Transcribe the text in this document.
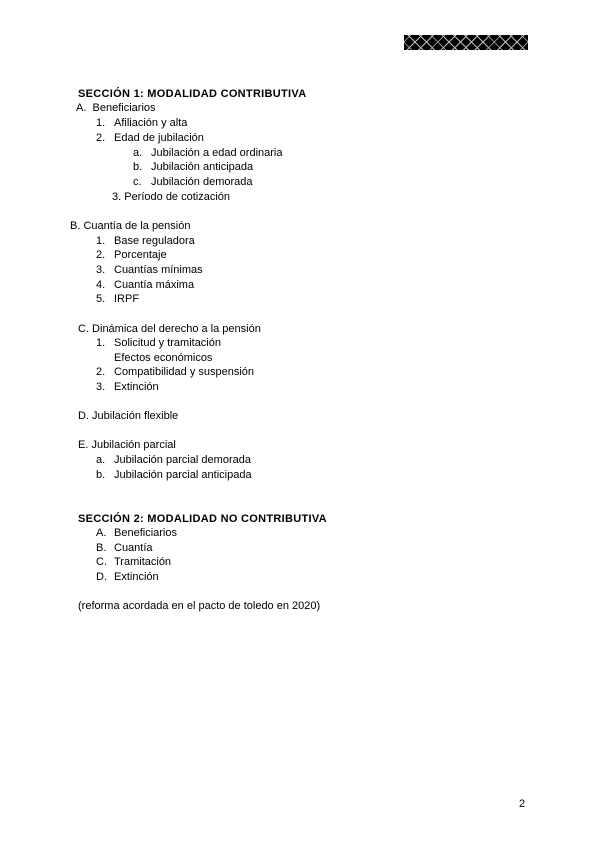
SECCIÓN 1: MODALIDAD CONTRIBUTIVA
A. Beneficiarios
1. Afiliación y alta
2. Edad de jubilación
a. Jubilación a edad ordinaria
b. Jubilación anticipada
c. Jubilación demorada
3. Período de cotización
B. Cuantía de la pensión
1. Base reguladora
2. Porcentaje
3. Cuantías mínimas
4. Cuantía máxima
5. IRPF
C. Dinámica del derecho a la pensión
1. Solicitud y tramitación
Efectos económicos
2. Compatibilidad y suspensión
3. Extinción
D. Jubilación flexible
E. Jubilación parcial
a. Jubilación parcial demorada
b. Jubilación parcial anticipada
SECCIÓN 2: MODALIDAD NO CONTRIBUTIVA
A. Beneficiarios
B. Cuantía
C. Tramitación
D. Extinción
(reforma acordada en el pacto de toledo en 2020)
2
